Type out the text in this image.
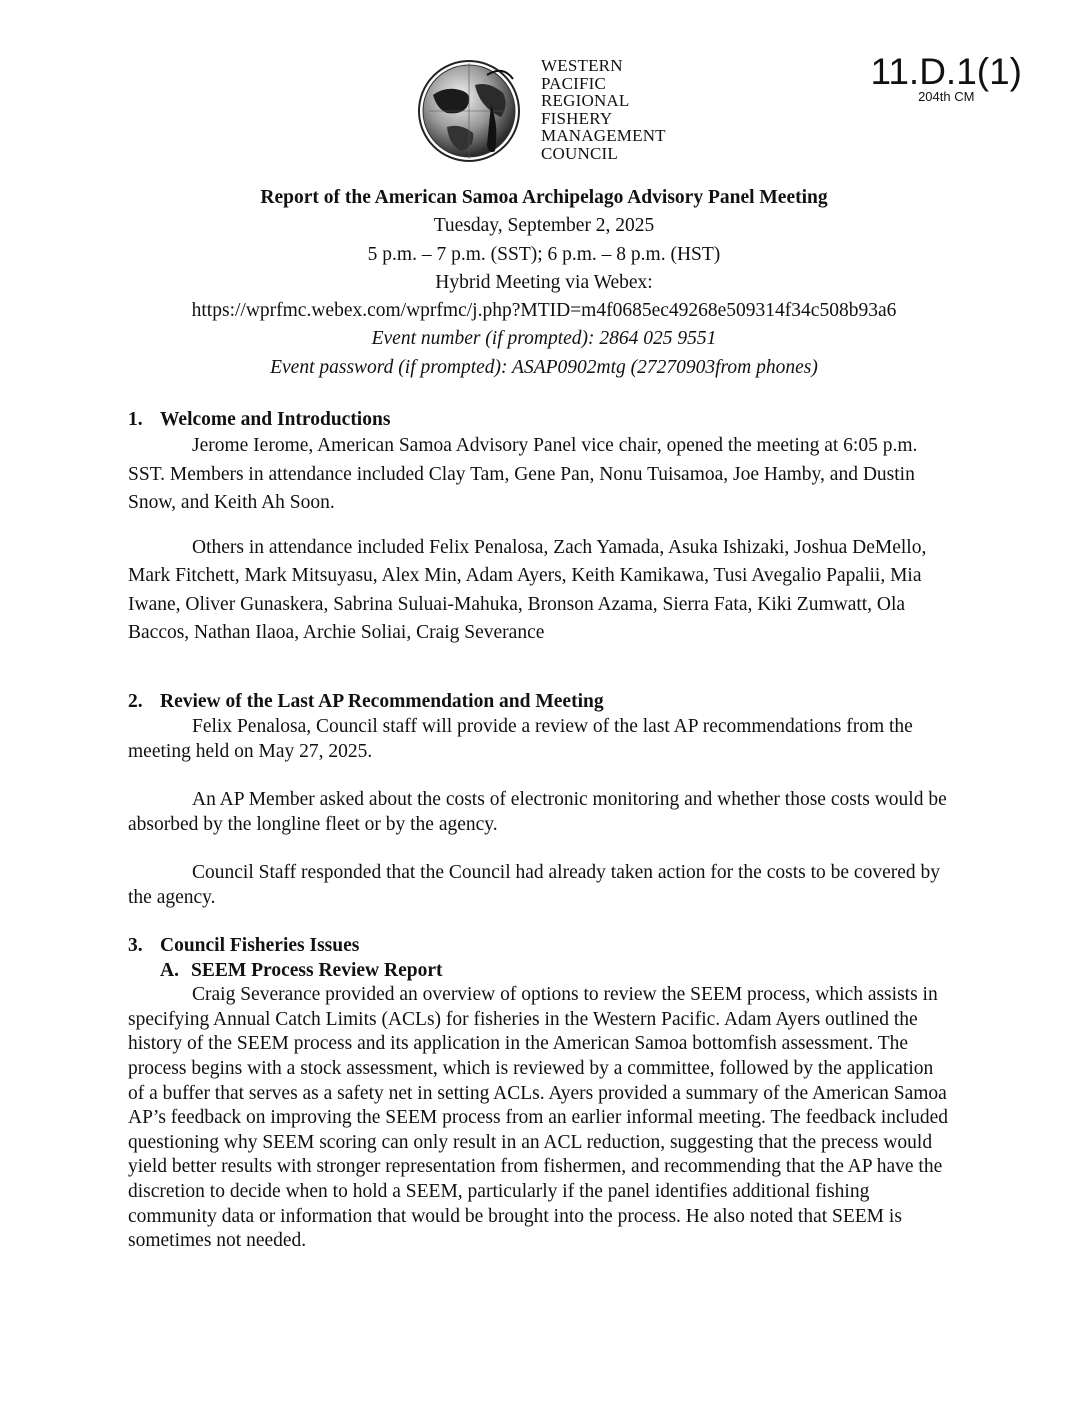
WESTERN
PACIFIC
REGIONAL
FISHERY
MANAGEMENT
COUNCIL
11.D.1(1)
204th CM
Report of the American Samoa Archipelago Advisory Panel Meeting
Tuesday, September 2, 2025
5 p.m. – 7 p.m. (SST); 6 p.m. – 8 p.m. (HST)
Hybrid Meeting via Webex:
https://wprfmc.webex.com/wprfmc/j.php?MTID=m4f0685ec49268e509314f34c508b93a6
Event number (if prompted): 2864 025 9551
Event password (if prompted): ASAP0902mtg (27270903from phones)
1. Welcome and Introductions

Jerome Ierome, American Samoa Advisory Panel vice chair, opened the meeting at 6:05 p.m. SST. Members in attendance included Clay Tam, Gene Pan, Nonu Tuisamoa, Joe Hamby, and Dustin Snow, and Keith Ah Soon.

Others in attendance included Felix Penalosa, Zach Yamada, Asuka Ishizaki, Joshua DeMello, Mark Fitchett, Mark Mitsuyasu, Alex Min, Adam Ayers, Keith Kamikawa, Tusi Avegalio Papalii, Mia Iwane, Oliver Gunaskera, Sabrina Suluai-Mahuka, Bronson Azama, Sierra Fata, Kiki Zumwatt, Ola Baccos, Nathan Ilaoa, Archie Soliai, Craig Severance

2. Review of the Last AP Recommendation and Meeting

Felix Penalosa, Council staff will provide a review of the last AP recommendations from the meeting held on May 27, 2025.

An AP Member asked about the costs of electronic monitoring and whether those costs would be absorbed by the longline fleet or by the agency.

Council Staff responded that the Council had already taken action for the costs to be covered by the agency.

3. Council Fisheries Issues
A. SEEM Process Review Report

Craig Severance provided an overview of options to review the SEEM process, which assists in specifying Annual Catch Limits (ACLs) for fisheries in the Western Pacific. Adam Ayers outlined the history of the SEEM process and its application in the American Samoa bottomfish assessment. The process begins with a stock assessment, which is reviewed by a committee, followed by the application of a buffer that serves as a safety net in setting ACLs. Ayers provided a summary of the American Samoa AP’s feedback on improving the SEEM process from an earlier informal meeting. The feedback included questioning why SEEM scoring can only result in an ACL reduction, suggesting that the precess would yield better results with stronger representation from fishermen, and recommending that the AP have the discretion to decide when to hold a SEEM, particularly if the panel identifies additional fishing community data or information that would be brought into the process. He also noted that SEEM is sometimes not needed.
